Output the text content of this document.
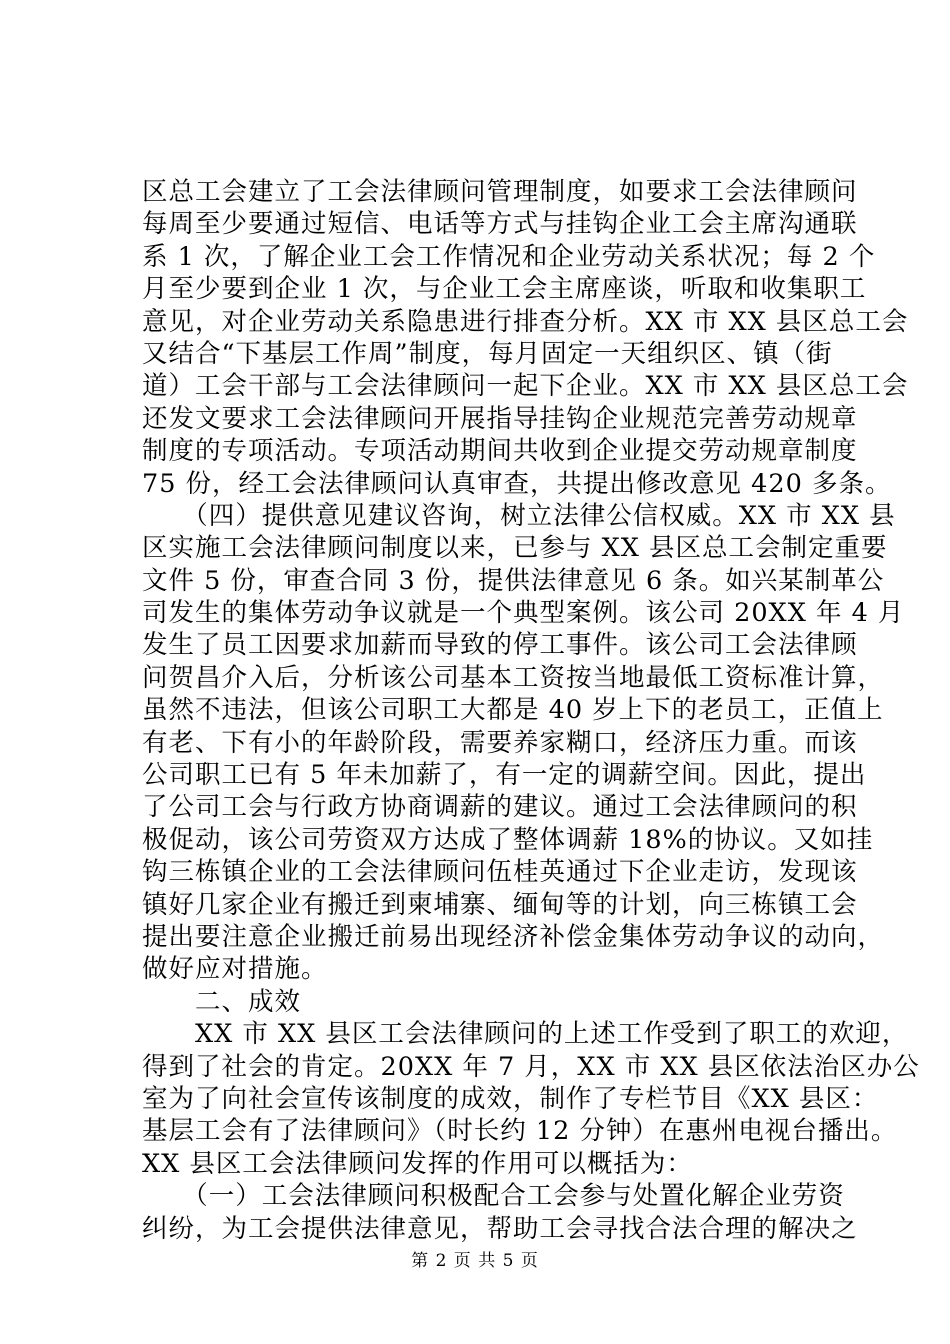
区总工会建立了工会法律顾问管理制度，如要求工会法律顾问
每周至少要通过短信、电话等方式与挂钩企业工会主席沟通联
系 1 次，了解企业工会工作情况和企业劳动关系状况；每 2 个
月至少要到企业 1 次，与企业工会主席座谈，听取和收集职工
意见，对企业劳动关系隐患进行排查分析。XX 市 XX 县区总工会
又结合“下基层工作周”制度，每月固定一天组织区、镇（街
道）工会干部与工会法律顾问一起下企业。XX 市 XX 县区总工会
还发文要求工会法律顾问开展指导挂钩企业规范完善劳动规章
制度的专项活动。专项活动期间共收到企业提交劳动规章制度
75 份，经工会法律顾问认真审查，共提出修改意见 420 多条。
　　（四）提供意见建议咨询，树立法律公信权威。XX 市 XX 县
区实施工会法律顾问制度以来，已参与 XX 县区总工会制定重要
文件 5 份，审查合同 3 份，提供法律意见 6 条。如兴某制革公
司发生的集体劳动争议就是一个典型案例。该公司 20XX 年 4 月
发生了员工因要求加薪而导致的停工事件。该公司工会法律顾
问贺昌介入后，分析该公司基本工资按当地最低工资标准计算，
虽然不违法，但该公司职工大都是 40 岁上下的老员工，正值上
有老、下有小的年龄阶段，需要养家糊口，经济压力重。而该
公司职工已有 5 年未加薪了，有一定的调薪空间。因此，提出
了公司工会与行政方协商调薪的建议。通过工会法律顾问的积
极促动，该公司劳资双方达成了整体调薪 18%的协议。又如挂
钩三栋镇企业的工会法律顾问伍桂英通过下企业走访，发现该
镇好几家企业有搬迁到柬埔寨、缅甸等的计划，向三栋镇工会
提出要注意企业搬迁前易出现经济补偿金集体劳动争议的动向，
做好应对措施。
　　二、成效
　　XX 市 XX 县区工会法律顾问的上述工作受到了职工的欢迎，
得到了社会的肯定。20XX 年 7 月，XX 市 XX 县区依法治区办公
室为了向社会宣传该制度的成效，制作了专栏节目《XX 县区：
基层工会有了法律顾问》（时长约 12 分钟）在惠州电视台播出。
XX 县区工会法律顾问发挥的作用可以概括为：
　　（一）工会法律顾问积极配合工会参与处置化解企业劳资
纠纷，为工会提供法律意见，帮助工会寻找合法合理的解决之
第 2 页 共 5 页
